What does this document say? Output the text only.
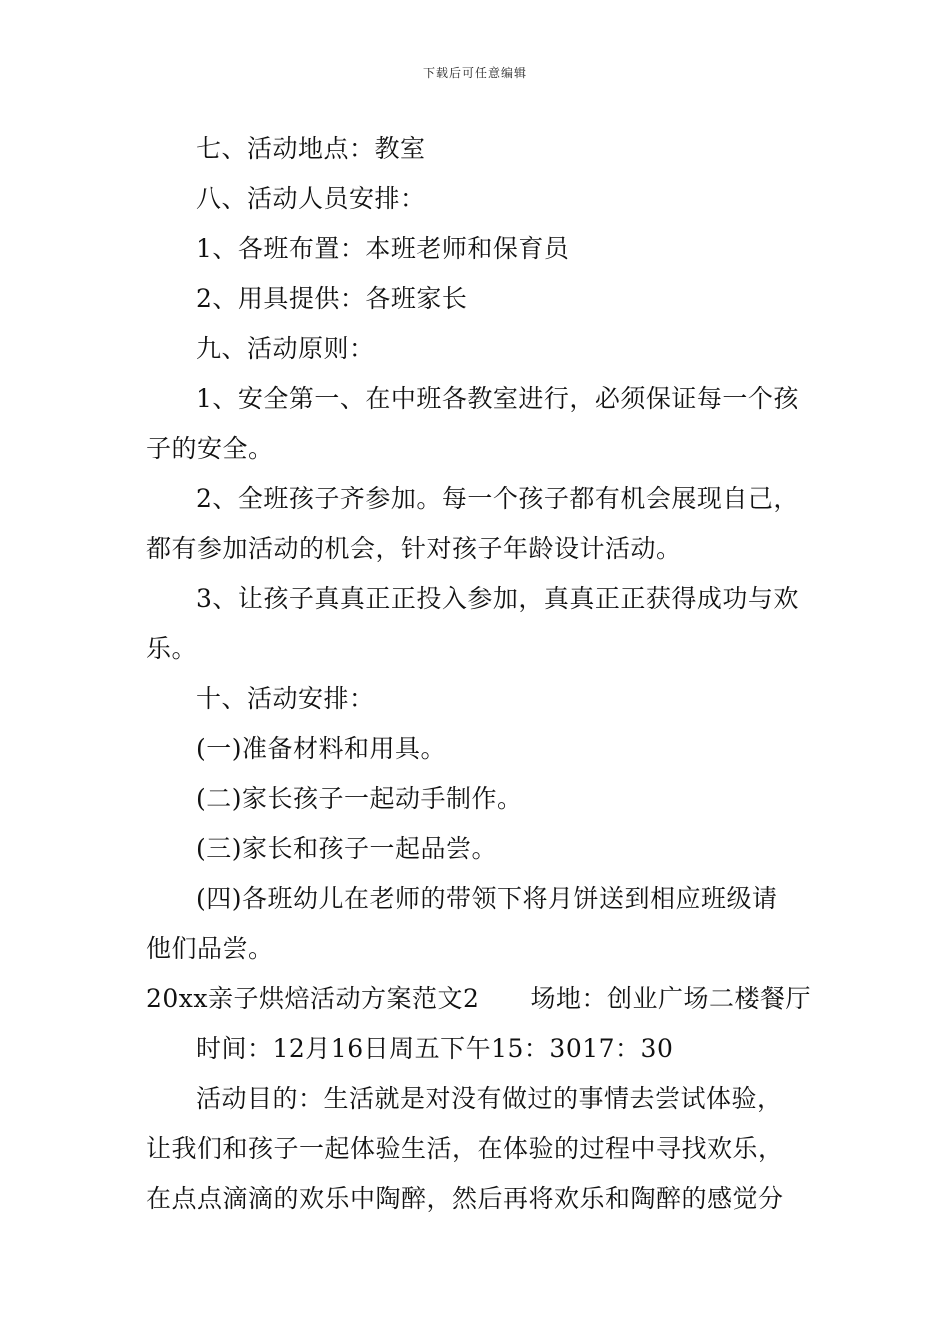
下载后可任意编辑
七、活动地点：教室
八、活动人员安排：
1、各班布置：本班老师和保育员
2、用具提供：各班家长
九、活动原则：
1、安全第一、在中班各教室进行，必须保证每一个孩
子的安全。
2、全班孩子齐参加。每一个孩子都有机会展现自己，
都有参加活动的机会，针对孩子年龄设计活动。
3、让孩子真真正正投入参加，真真正正获得成功与欢
乐。
十、活动安排：
(一)准备材料和用具。
(二)家长孩子一起动手制作。
(三)家长和孩子一起品尝。
(四)各班幼儿在老师的带领下将月饼送到相应班级请
他们品尝。
20xx亲子烘焙活动方案范文2 场地：创业广场二楼餐厅
时间：12月16日周五下午15：3017：30
活动目的：生活就是对没有做过的事情去尝试体验，
让我们和孩子一起体验生活，在体验的过程中寻找欢乐，
在点点滴滴的欢乐中陶醉，然后再将欢乐和陶醉的感觉分
